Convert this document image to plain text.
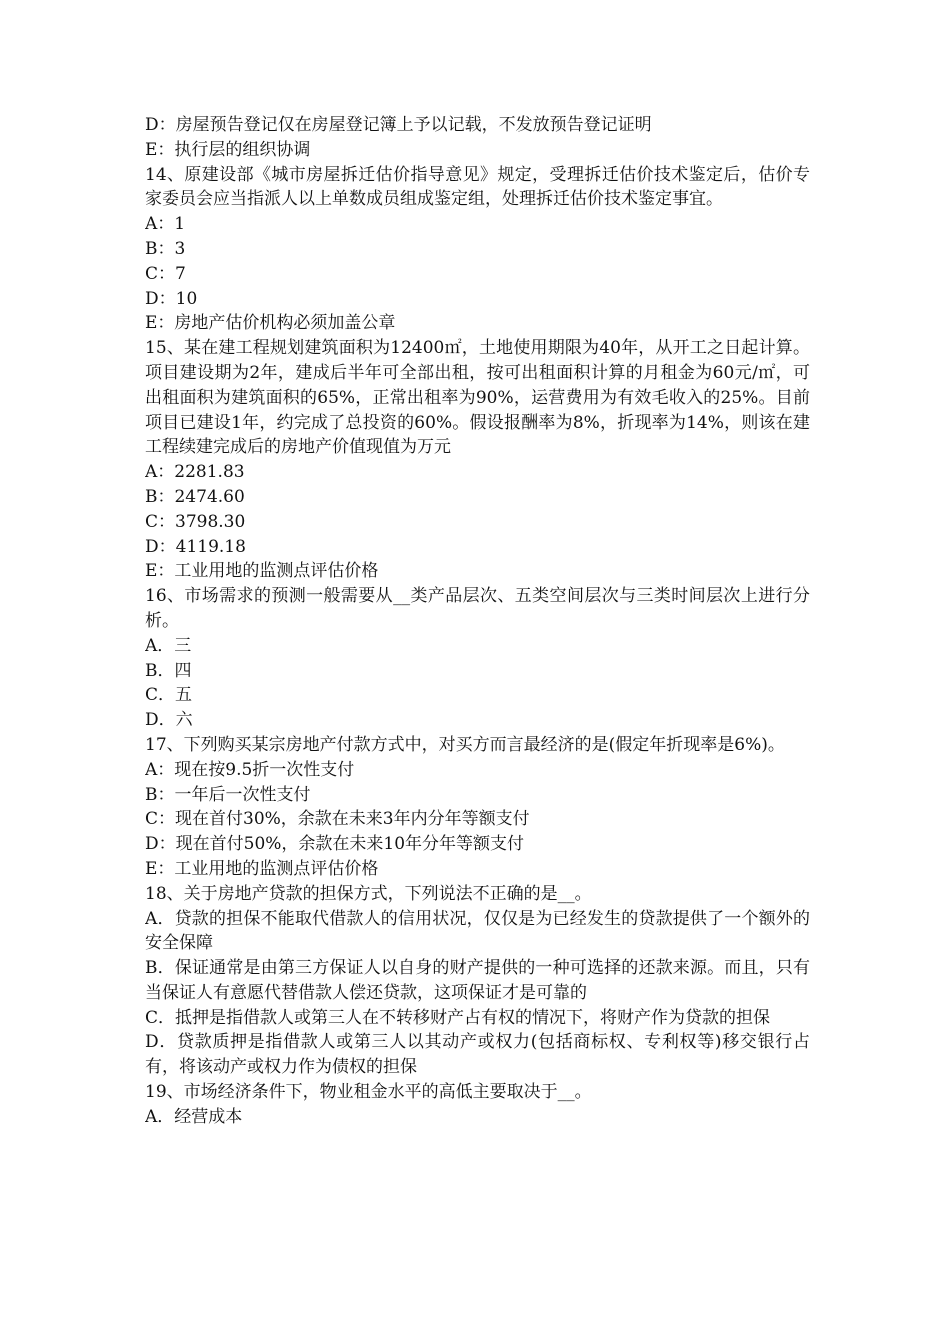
D：房屋预告登记仅在房屋登记簿上予以记载，不发放预告登记证明
E：执行层的组织协调
14、原建设部《城市房屋拆迁估价指导意见》规定，受理拆迁估价技术鉴定后，估价专家委员会应当指派人以上单数成员组成鉴定组，处理拆迁估价技术鉴定事宜。
A：1
B：3
C：7
D：10
E：房地产估价机构必须加盖公章
15、某在建工程规划建筑面积为12400㎡，土地使用期限为40年，从开工之日起计算。项目建设期为2年，建成后半年可全部出租，按可出租面积计算的月租金为60元/㎡，可出租面积为建筑面积的65%，正常出租率为90%，运营费用为有效毛收入的25%。目前项目已建设1年，约完成了总投资的60%。假设报酬率为8%，折现率为14%，则该在建工程续建完成后的房地产价值现值为万元
A：2281.83
B：2474.60
C：3798.30
D：4119.18
E：工业用地的监测点评估价格
16、市场需求的预测一般需要从__类产品层次、五类空间层次与三类时间层次上进行分析。
A．三
B．四
C．五
D．六
17、下列购买某宗房地产付款方式中，对买方而言最经济的是(假定年折现率是6%)。
A：现在按9.5折一次性支付
B：一年后一次性支付
C：现在首付30%，余款在未来3年内分年等额支付
D：现在首付50%，余款在未来10年分年等额支付
E：工业用地的监测点评估价格
18、关于房地产贷款的担保方式，下列说法不正确的是__。
A．贷款的担保不能取代借款人的信用状况，仅仅是为已经发生的贷款提供了一个额外的安全保障
B．保证通常是由第三方保证人以自身的财产提供的一种可选择的还款来源。而且，只有当保证人有意愿代替借款人偿还贷款，这项保证才是可靠的
C．抵押是指借款人或第三人在不转移财产占有权的情况下，将财产作为贷款的担保
D．贷款质押是指借款人或第三人以其动产或权力(包括商标权、专利权等)移交银行占有，将该动产或权力作为债权的担保
19、市场经济条件下，物业租金水平的高低主要取决于__。
A．经营成本
